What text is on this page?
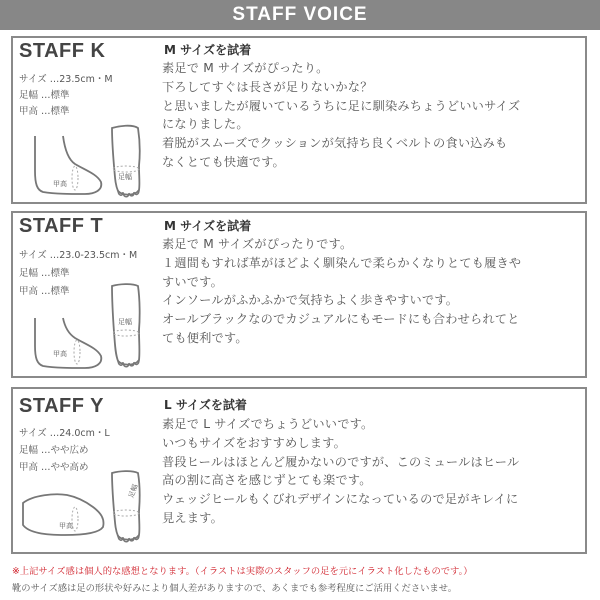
STAFF VOICE
STAFF K
サイズ …23.5cm・M
足幅 …標準
甲高 …標準
足幅
甲高
M サイズを試着
素足で M サイズがぴったり。
下ろしてすぐは長さが足りないかな？
と思いましたが履いているうちに足に馴染みちょうどいいサイズ
になりました。
着脱がスムーズでクッションが気持ち良くベルトの食い込みも
なくとても快適です。
STAFF T
サイズ …23.0-23.5cm・M
足幅 …標準
甲高 …標準
足幅
甲高
M サイズを試着
素足で M サイズがぴったりです。
１週間もすれば革がほどよく馴染んで柔らかくなりとても履きや
すいです。
インソールがふかふかで気持ちよく歩きやすいです。
オールブラックなのでカジュアルにもモードにも合わせられてと
ても便利です。
STAFF Y
サイズ …24.0cm・L
足幅 …やや広め
甲高 …やや高め
足幅
甲高
L サイズを試着
素足で L サイズでちょうどいいです。
いつもサイズをおすすめします。
普段ヒールはほとんど履かないのですが、このミュールはヒール
高の割に高さを感じずとても楽です。
ウェッジヒールもくびれデザインになっているので足がキレイに
見えます。
※上記サイズ感は個人的な感想となります。（イラストは実際のスタッフの足を元にイラスト化したものです。）
靴のサイズ感は足の形状や好みにより個人差がありますので、あくまでも参考程度にご活用くださいませ。
